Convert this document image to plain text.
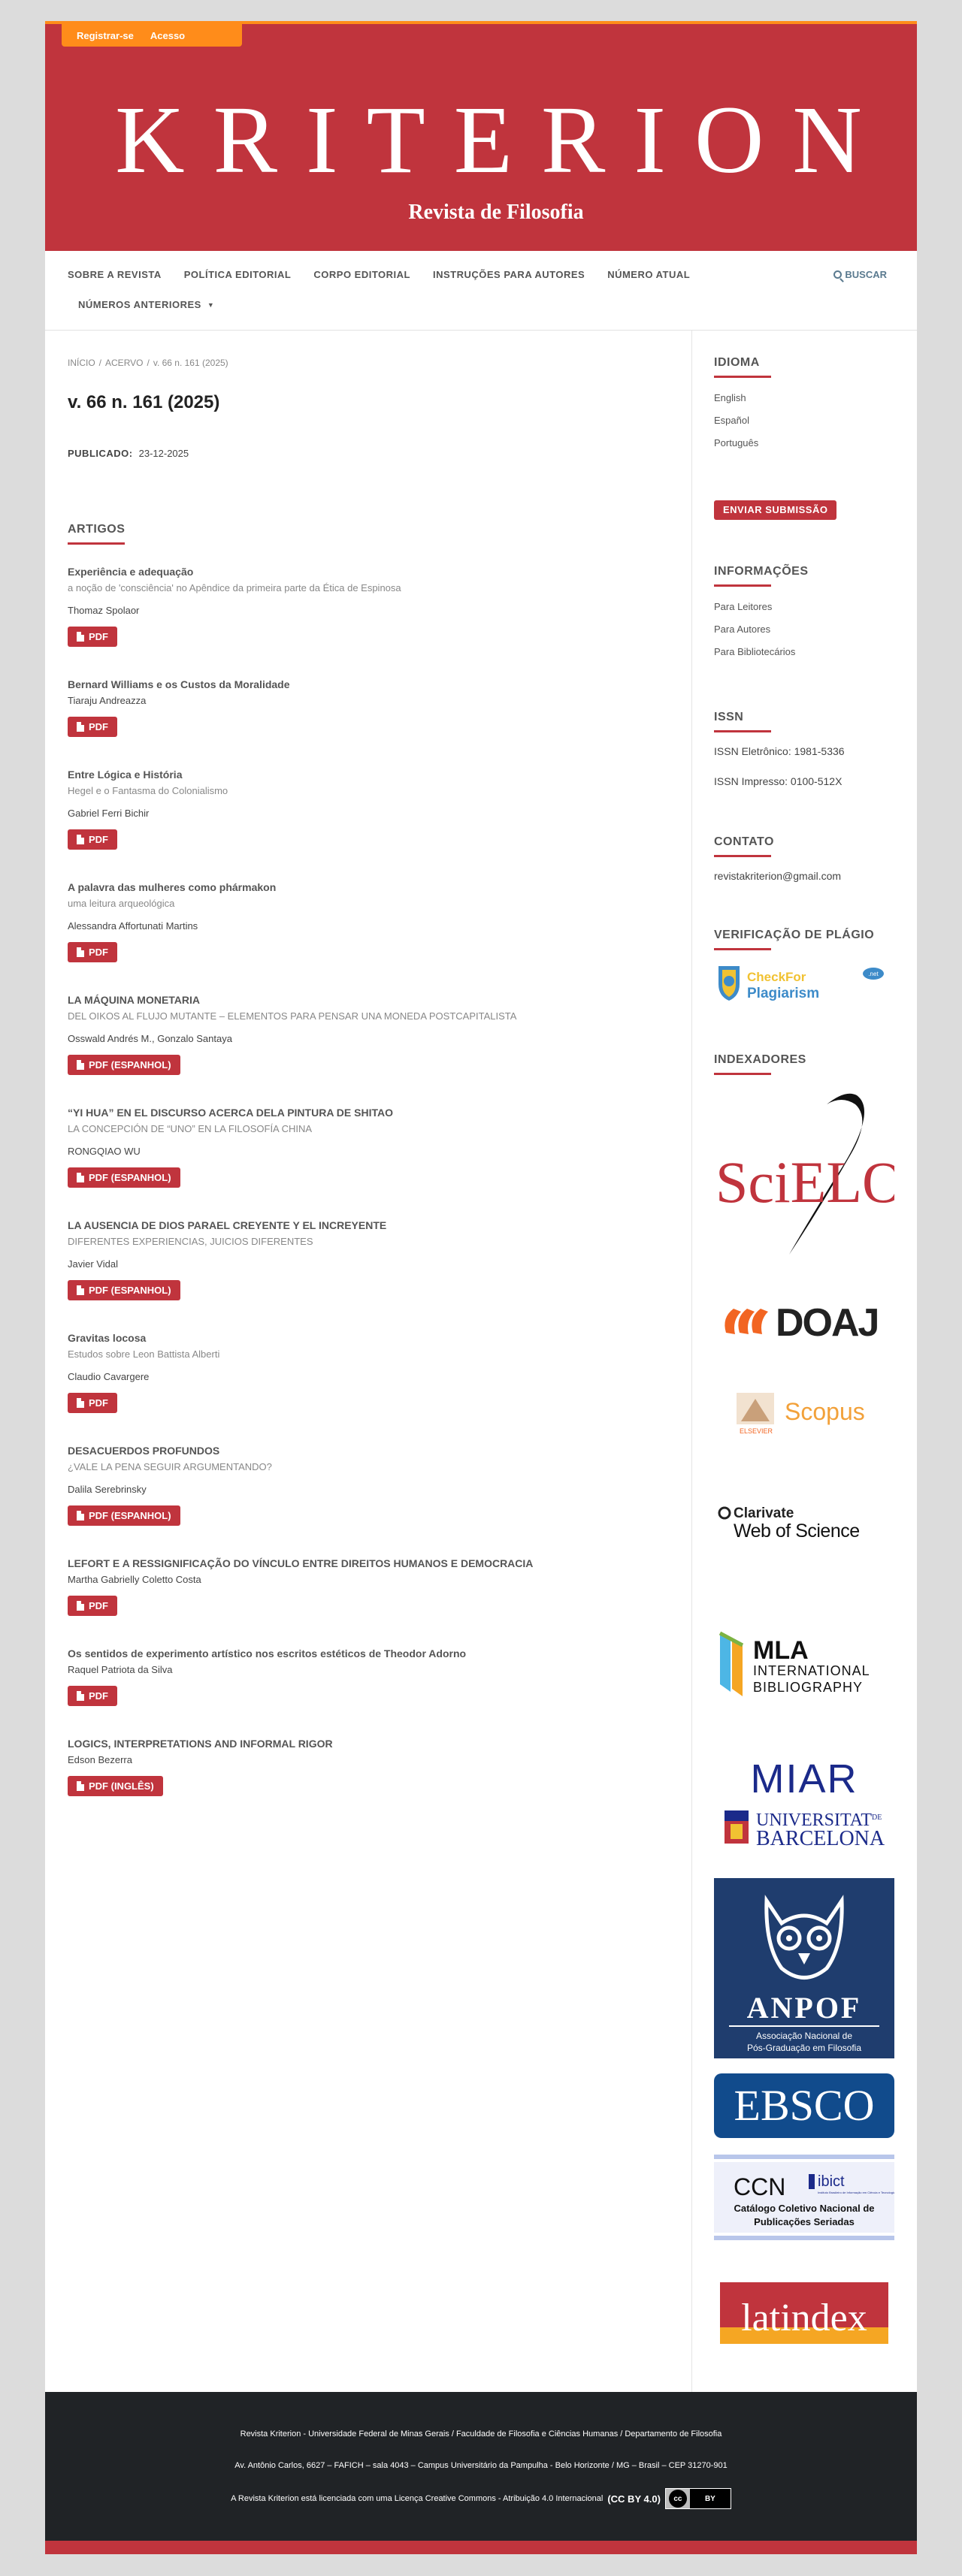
Registrar-se Acesso
KRITERION
Revista de Filosofia
SOBRE A REVISTA POLÍTICA EDITORIAL CORPO EDITORIAL INSTRUÇÕES PARA AUTORES NÚMERO ATUAL
NÚMEROS ANTERIORES ▼
BUSCAR
INÍCIO / ACERVO / v. 66 n. 161 (2025)
v. 66 n. 161 (2025)
PUBLICADO: 23-12-2025
ARTIGOS
Experiência e adequação
a noção de 'consciência' no Apêndice da primeira parte da Ética de Espinosa
Thomaz Spolaor
PDF
Bernard Williams e os Custos da Moralidade
Tiaraju Andreazza
PDF
Entre Lógica e História
Hegel e o Fantasma do Colonialismo
Gabriel Ferri Bichir
PDF
A palavra das mulheres como phármakon
uma leitura arqueológica
Alessandra Affortunati Martins
PDF
LA MÁQUINA MONETARIA
DEL OIKOS AL FLUJO MUTANTE – ELEMENTOS PARA PENSAR UNA MONEDA POSTCAPITALISTA
Osswald Andrés M., Gonzalo Santaya
PDF (ESPANHOL)
“YI HUA” EN EL DISCURSO ACERCA DELA PINTURA DE SHITAO
LA CONCEPCIÓN DE “UNO” EN LA FILOSOFÍA CHINA
RONGQIAO WU
PDF (ESPANHOL)
LA AUSENCIA DE DIOS PARAEL CREYENTE Y EL INCREYENTE
DIFERENTES EXPERIENCIAS, JUICIOS DIFERENTES
Javier Vidal
PDF (ESPANHOL)
Gravitas locosa
Estudos sobre Leon Battista Alberti
Claudio Cavargere
PDF
DESACUERDOS PROFUNDOS
¿VALE LA PENA SEGUIR ARGUMENTANDO?
Dalila Serebrinsky
PDF (ESPANHOL)
LEFORT E A RESSIGNIFICAÇÃO DO VÍNCULO ENTRE DIREITOS HUMANOS E DEMOCRACIA
Martha Gabrielly Coletto Costa
PDF
Os sentidos de experimento artístico nos escritos estéticos de Theodor Adorno
Raquel Patriota da Silva
PDF
LOGICS, INTERPRETATIONS AND INFORMAL RIGOR
Edson Bezerra
PDF (INGLÊS)
IDIOMA
English
Español
Português
ENVIAR SUBMISSÃO
INFORMAÇÕES
Para Leitores
Para Autores
Para Bibliotecários
ISSN
ISSN Eletrônico: 1981-5336
ISSN Impresso: 0100-512X
CONTATO
revistakriterion@gmail.com
VERIFICAÇÃO DE PLÁGIO
CheckFor
Plagiarism
.net
INDEXADORES
SciELO
DOAJ
ELSEVIER
Scopus
Clarivate
Web of Science
MLA
INTERNATIONAL
BIBLIOGRAPHY
MIAR
UNIVERSITAT DE
BARCELONA
ANPOF
Associação Nacional de
Pós-Graduação em Filosofia
EBSCO
CCN ibict
Instituto Brasileiro de Informação em Ciência e Tecnologia
Catálogo Coletivo Nacional de
Publicações Seriadas
latindex
Revista Kriterion - Universidade Federal de Minas Gerais / Faculdade de Filosofia e Ciências Humanas / Departamento de Filosofia
Av. Antônio Carlos, 6627 – FAFICH – sala 4043 – Campus Universitário da Pampulha - Belo Horizonte / MG – Brasil – CEP 31270-901
A Revista Kriterion está licenciada com uma Licença Creative Commons - Atribuição 4.0 Internacional (CC BY 4.0)	cc	BY
